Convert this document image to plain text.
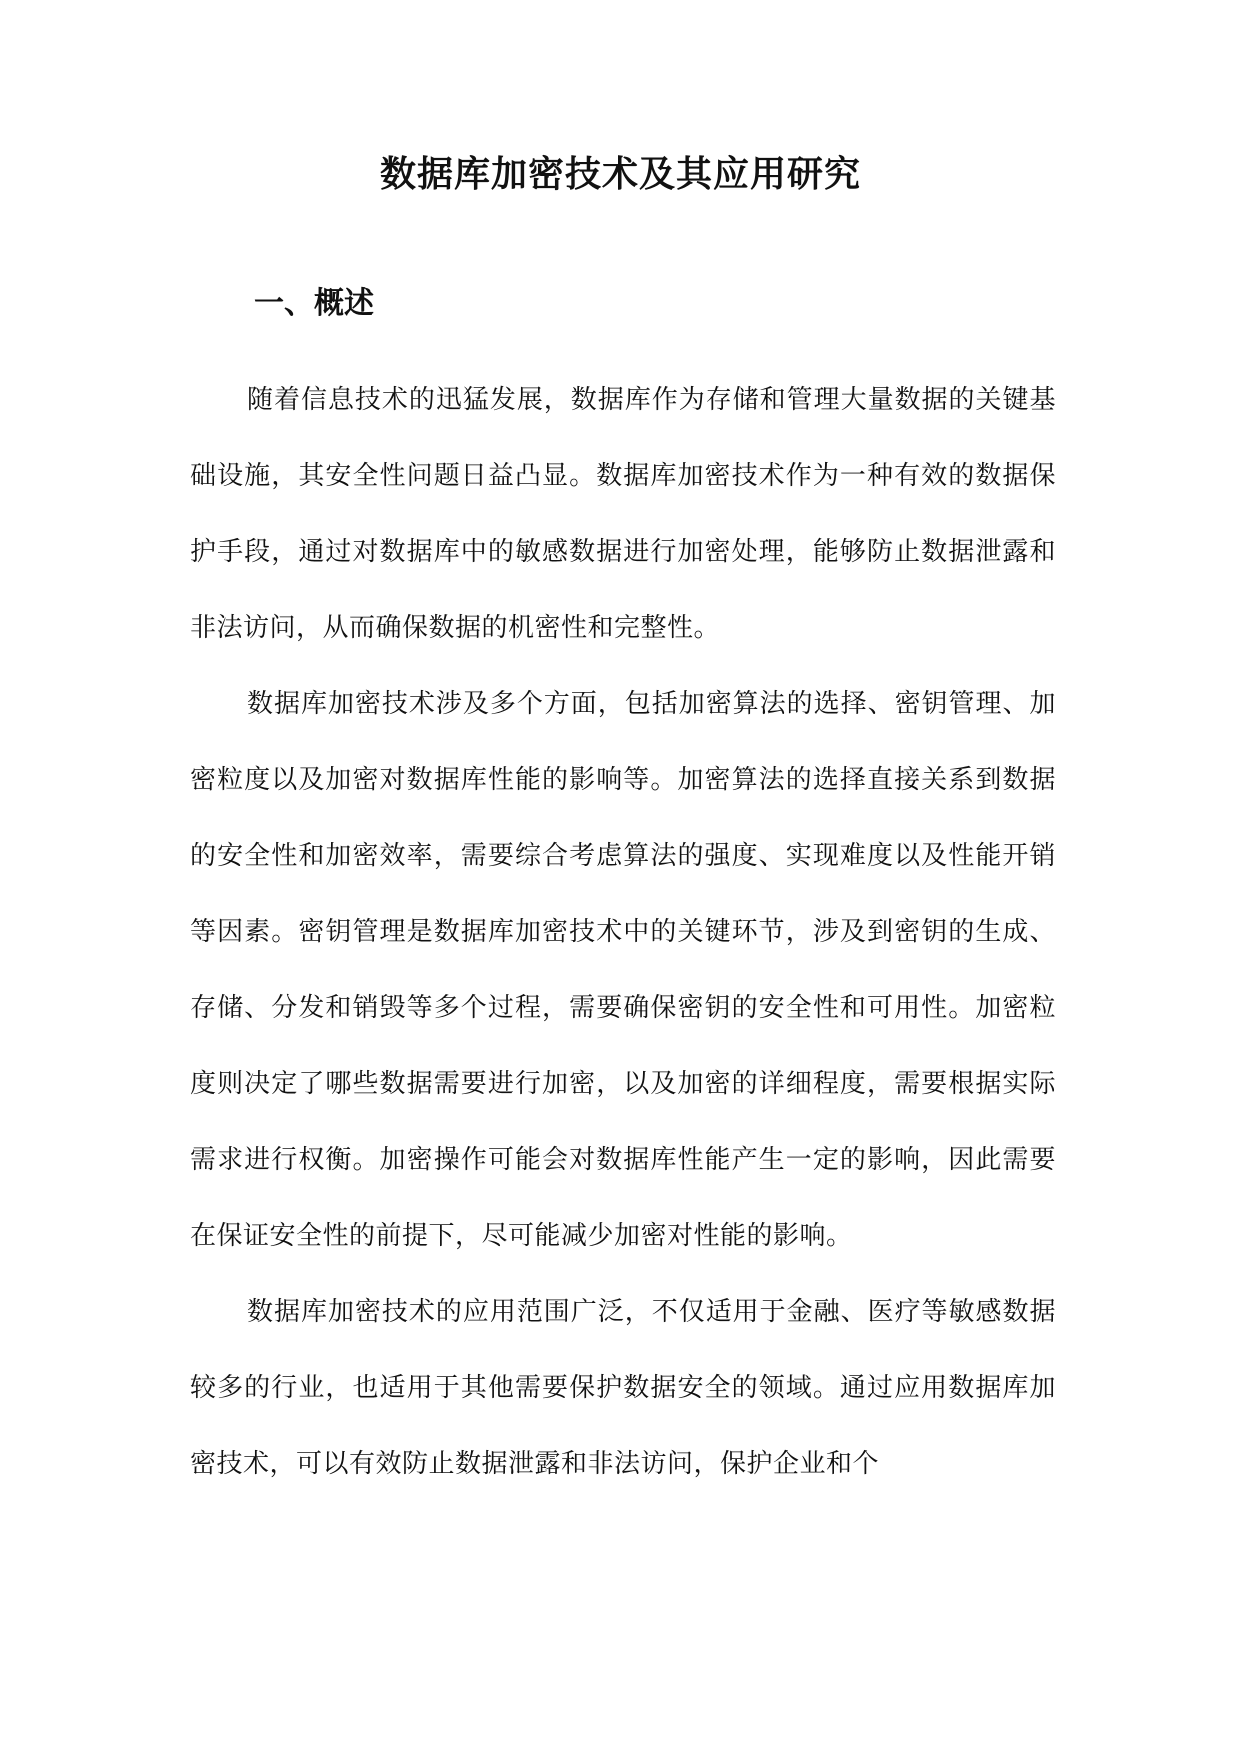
数据库加密技术及其应用研究
一、概述

随着信息技术的迅猛发展，数据库作为存储和管理大量数据的关键基础设施，其安全性问题日益凸显。数据库加密技术作为一种有效的数据保护手段，通过对数据库中的敏感数据进行加密处理，能够防止数据泄露和非法访问，从而确保数据的机密性和完整性。

数据库加密技术涉及多个方面，包括加密算法的选择、密钥管理、加密粒度以及加密对数据库性能的影响等。加密算法的选择直接关系到数据的安全性和加密效率，需要综合考虑算法的强度、实现难度以及性能开销等因素。密钥管理是数据库加密技术中的关键环节，涉及到密钥的生成、存储、分发和销毁等多个过程，需要确保密钥的安全性和可用性。加密粒度则决定了哪些数据需要进行加密，以及加密的详细程度，需要根据实际需求进行权衡。加密操作可能会对数据库性能产生一定的影响，因此需要在保证安全性的前提下，尽可能减少加密对性能的影响。

数据库加密技术的应用范围广泛，不仅适用于金融、医疗等敏感数据较多的行业，也适用于其他需要保护数据安全的领域。通过应用数据库加密技术，可以有效防止数据泄露和非法访问，保护企业和个
